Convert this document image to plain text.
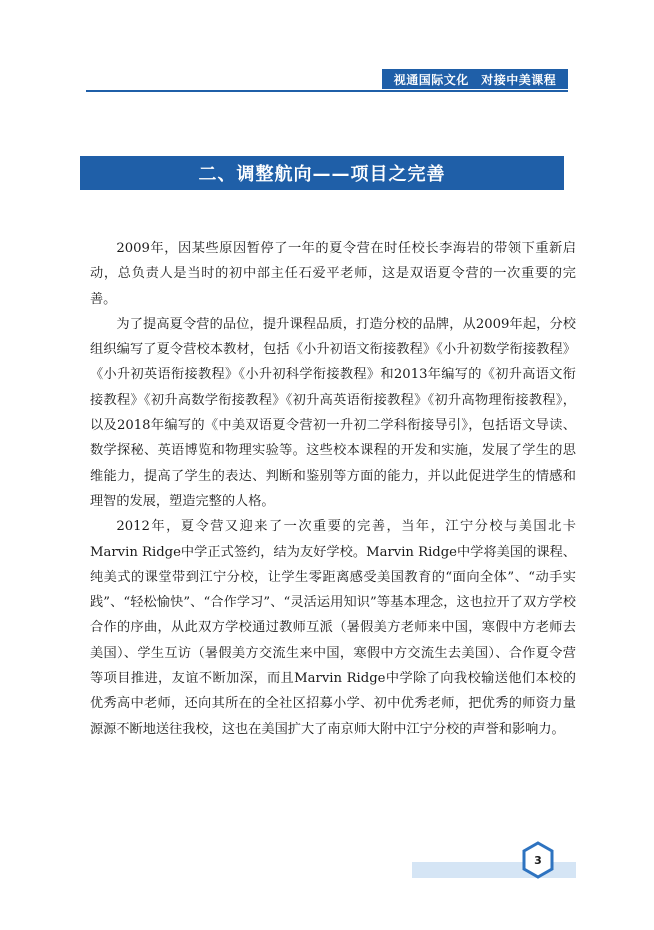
视通国际文化　对接中美课程
二、调整航向——项目之完善

2009年，因某些原因暂停了一年的夏令营在时任校长李海岩的带领下重新启动，总负责人是当时的初中部主任石爱平老师，这是双语夏令营的一次重要的完善。

为了提高夏令营的品位，提升课程品质，打造分校的品牌，从2009年起，分校组织编写了夏令营校本教材，包括《小升初语文衔接教程》《小升初数学衔接教程》《小升初英语衔接教程》《小升初科学衔接教程》和2013年编写的《初升高语文衔接教程》《初升高数学衔接教程》《初升高英语衔接教程》《初升高物理衔接教程》，以及2018年编写的《中美双语夏令营初一升初二学科衔接导引》，包括语文导读、数学探秘、英语博览和物理实验等。这些校本课程的开发和实施，发展了学生的思维能力，提高了学生的表达、判断和鉴别等方面的能力，并以此促进学生的情感和理智的发展，塑造完整的人格。

2012年，夏令营又迎来了一次重要的完善，当年，江宁分校与美国北卡Marvin Ridge中学正式签约，结为友好学校。Marvin Ridge中学将美国的课程、纯美式的课堂带到江宁分校，让学生零距离感受美国教育的“面向全体”、“动手实践”、“轻松愉快”、“合作学习”、“灵活运用知识”等基本理念，这也拉开了双方学校合作的序曲，从此双方学校通过教师互派（暑假美方老师来中国，寒假中方老师去美国）、学生互访（暑假美方交流生来中国，寒假中方交流生去美国）、合作夏令营等项目推进，友谊不断加深，而且Marvin Ridge中学除了向我校输送他们本校的优秀高中老师，还向其所在的全社区招募小学、初中优秀老师，把优秀的师资力量源源不断地送往我校，这也在美国扩大了南京师大附中江宁分校的声誉和影响力。

3
